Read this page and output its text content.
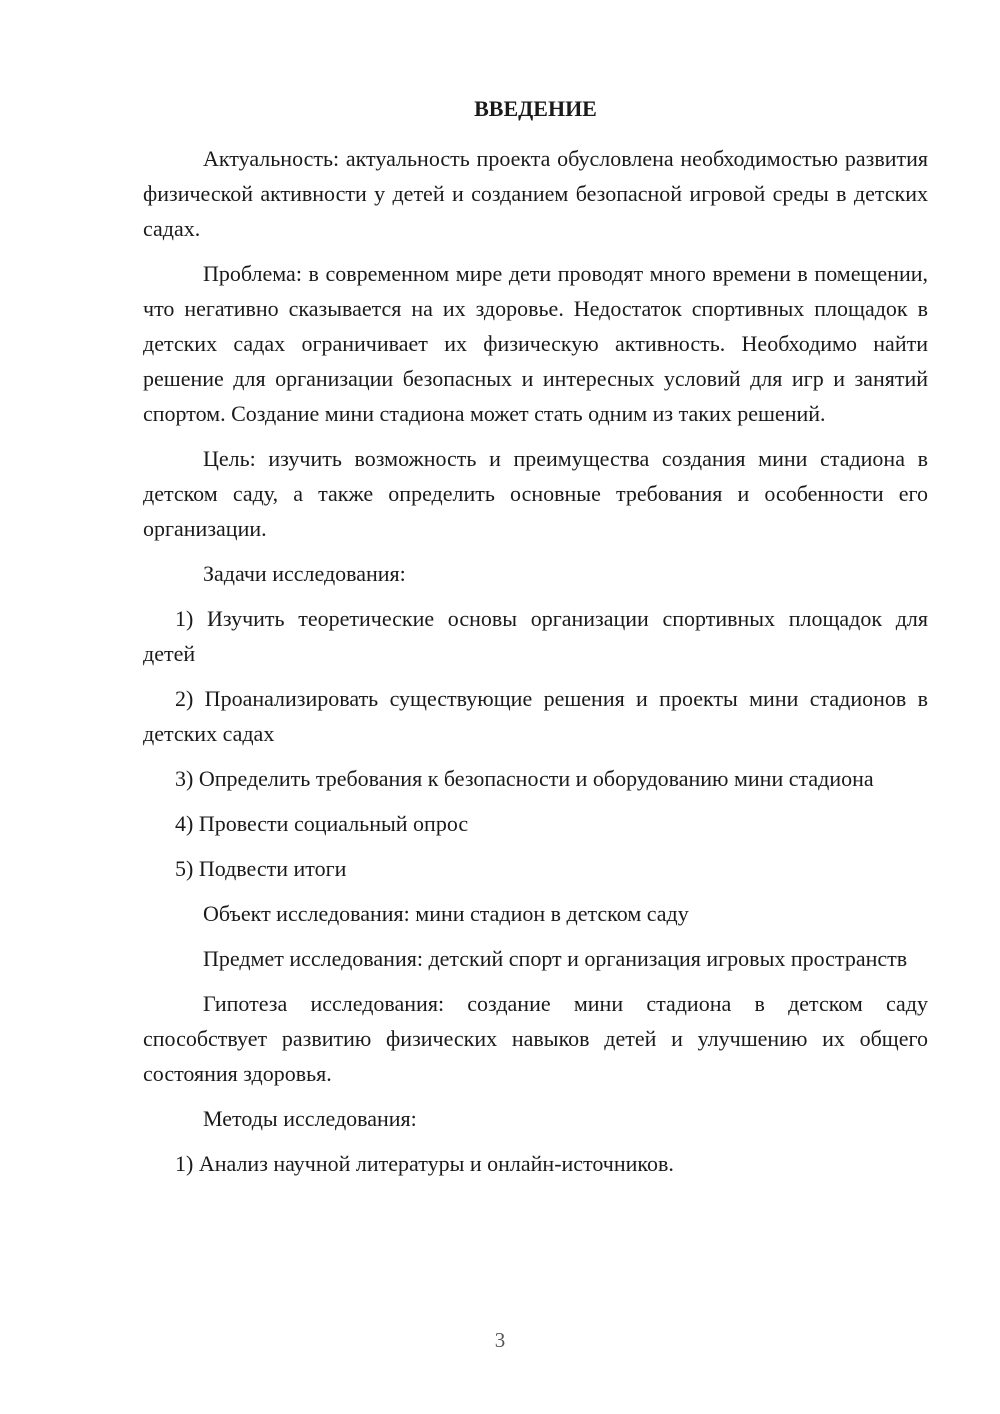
ВВЕДЕНИЕ

Актуальность: актуальность проекта обусловлена необходимостью развития физической активности у детей и созданием безопасной игровой среды в детских садах.

Проблема: в современном мире дети проводят много времени в помещении, что негативно сказывается на их здоровье. Недостаток спортивных площадок в детских садах ограничивает их физическую активность. Необходимо найти решение для организации безопасных и интересных условий для игр и занятий спортом. Создание мини стадиона может стать одним из таких решений.

Цель: изучить возможность и преимущества создания мини стадиона в детском саду, а также определить основные требования и особенности его организации.

Задачи исследования:

1) Изучить теоретические основы организации спортивных площадок для детей

2) Проанализировать существующие решения и проекты мини стадионов в детских садах

3) Определить требования к безопасности и оборудованию мини стадиона

4) Провести социальный опрос

5) Подвести итоги

Объект исследования: мини стадион в детском саду

Предмет исследования: детский спорт и организация игровых пространств

Гипотеза исследования: создание мини стадиона в детском саду способствует развитию физических навыков детей и улучшению их общего состояния здоровья.

Методы исследования:

1) Анализ научной литературы и онлайн-источников.

3
